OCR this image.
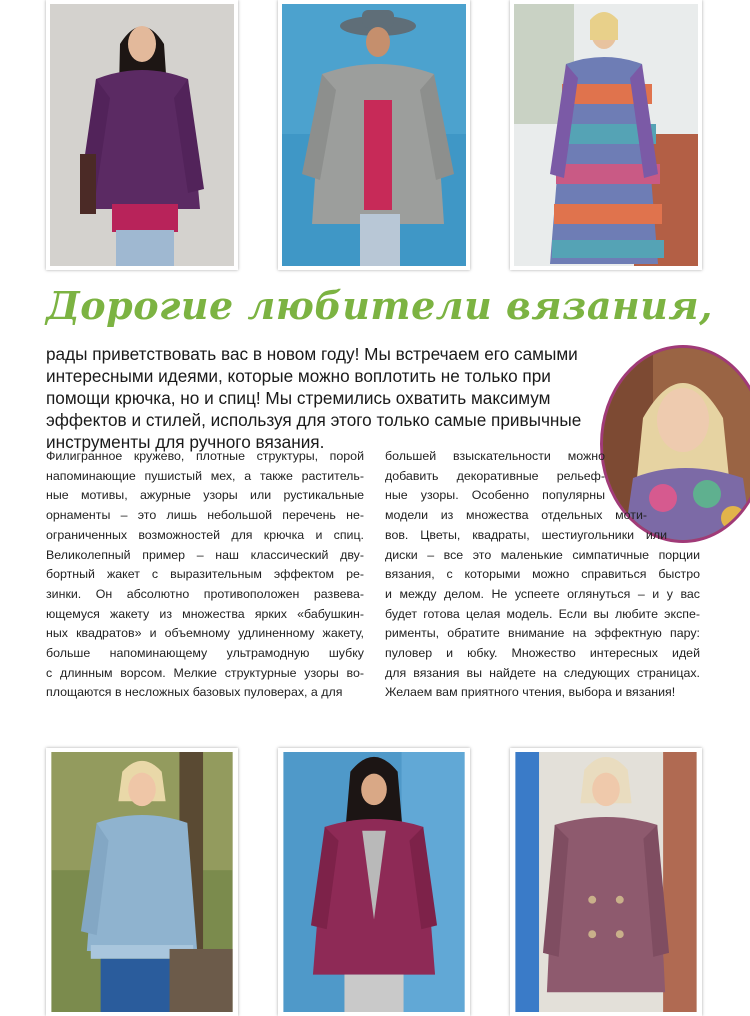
Дорогие любители вязания,
рады приветствовать вас в новом году! Мы встречаем его самыми
интересными идеями, которые можно воплотить не только при
помощи крючка, но и спиц! Мы стремились охватить максимум
эффектов и стилей, используя для этого только самые привычные
инструменты для ручного вязания.
Филигранное кружево, плотные структуры, порой
напоминающие пушистый мех, а также раститель-
ные мотивы, ажурные узоры или рустикальные
орнаменты – это лишь небольшой перечень не-
ограниченных возможностей для крючка и спиц.
Великолепный пример – наш классический дву-
бортный жакет с выразительным эффектом ре-
зинки. Он абсолютно противоположен развева-
ющемуся жакету из множества ярких «бабушкин-
ных квадратов» и объемному удлиненному жакету,
больше напоминающему ультрамодную шубку
с длинным ворсом. Мелкие структурные узоры во-
площаются в несложных базовых пуловерах, а для
большей взыскательности можно
добавить декоративные рельеф-
ные узоры. Особенно популярны
модели из множества отдельных моти-
вов. Цветы, квадраты, шестиугольники или
диски – все это маленькие симпатичные порции
вязания, с которыми можно справиться быстро
и между делом. Не успеете оглянуться – и у вас
будет готова целая модель. Если вы любите экспе-
рименты, обратите внимание на эффектную пару:
пуловер и юбку. Множество интересных идей
для вязания вы найдете на следующих страницах.
Желаем вам приятного чтения, выбора и вязания!
